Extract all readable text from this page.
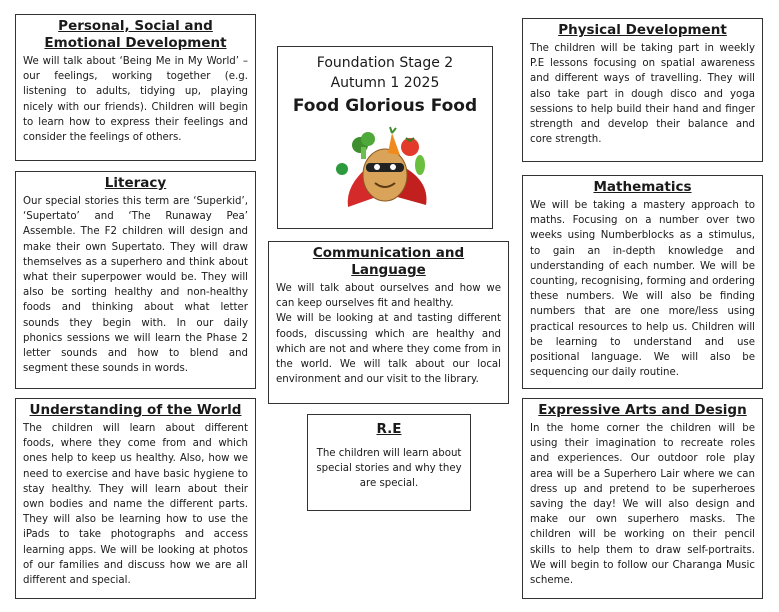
Personal, Social and Emotional Development

We will talk about ‘Being Me in My World’ – our feelings, working together (e.g. listening to adults, tidying up, playing nicely with our friends). Children will begin to learn how to express their feelings and consider the feelings of others.

Literacy

Our special stories this term are ‘Superkid’, ‘Supertato’ and ‘The Runaway Pea’ Assemble. The F2 children will design and make their own Supertato. They will draw themselves as a superhero and think about what their superpower would be. They will also be sorting healthy and non-healthy foods and thinking about what letter sounds they begin with. In our daily phonics sessions we will learn the Phase 2 letter sounds and how to blend and segment these sounds in words.

Understanding of the World

The children will learn about different foods, where they come from and which ones help to keep us healthy. Also, how we need to exercise and have basic hygiene to stay healthy. They will learn about their own bodies and name the different parts. They will also be learning how to use the iPads to take photographs and access learning apps. We will be looking at photos of our families and discuss how we are all different and special.

Foundation Stage 2
Autumn 1 2025
Food Glorious Food
Communication and Language

We will talk about ourselves and how we can keep ourselves fit and healthy.

We will be looking at and tasting different foods, discussing which are healthy and which are not and where they come from in the world. We will talk about our local environment and our visit to the library.

R.E

The children will learn about special stories and why they are special.

Physical Development

The children will be taking part in weekly P.E lessons focusing on spatial awareness and different ways of travelling. They will also take part in dough disco and yoga sessions to help build their hand and finger strength and develop their balance and core strength.

Mathematics

We will be taking a mastery approach to maths. Focusing on a number over two weeks using Numberblocks as a stimulus, to gain an in-depth knowledge and understanding of each number. We will be counting, recognising, forming and ordering these numbers. We will also be finding numbers that are one more/less using practical resources to help us. Children will be learning to understand and use positional language. We will also be sequencing our daily routine.

Expressive Arts and Design

In the home corner the children will be using their imagination to recreate roles and experiences. Our outdoor role play area will be a Superhero Lair where we can dress up and pretend to be superheroes saving the day! We will also design and make our own superhero masks. The children will be working on their pencil skills to help them to draw self-portraits. We will begin to follow our Charanga Music scheme.
